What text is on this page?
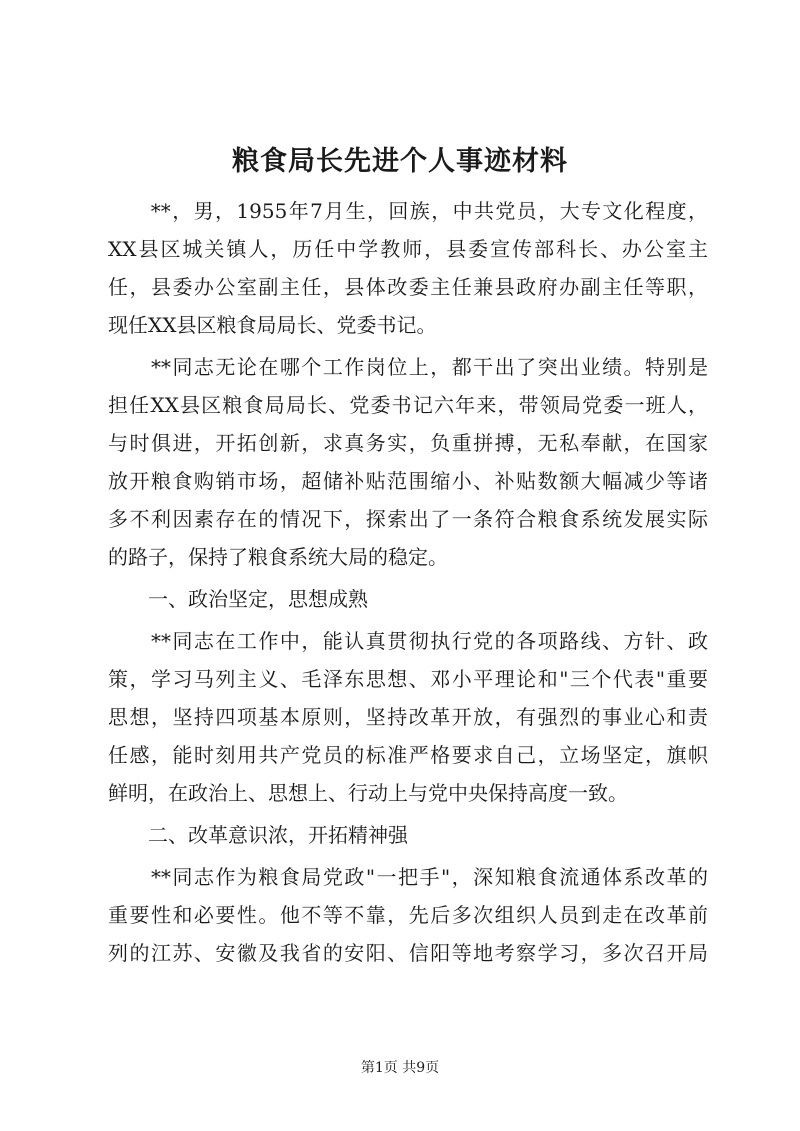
粮食局长先进个人事迹材料

　　**，男，1955年7月生，回族，中共党员，大专文化程度，

XX县区城关镇人，历任中学教师，县委宣传部科长、办公室主

任，县委办公室副主任，县体改委主任兼县政府办副主任等职，

现任XX县区粮食局局长、党委书记。

　　**同志无论在哪个工作岗位上，都干出了突出业绩。特别是

担任XX县区粮食局局长、党委书记六年来，带领局党委一班人，

与时俱进，开拓创新，求真务实，负重拼搏，无私奉献，在国家

放开粮食购销市场，超储补贴范围缩小、补贴数额大幅减少等诸

多不利因素存在的情况下，探索出了一条符合粮食系统发展实际

的路子，保持了粮食系统大局的稳定。

　　一、政治坚定，思想成熟

　　**同志在工作中，能认真贯彻执行党的各项路线、方针、政

策，学习马列主义、毛泽东思想、邓小平理论和"三个代表"重要

思想，坚持四项基本原则，坚持改革开放，有强烈的事业心和责

任感，能时刻用共产党员的标准严格要求自己，立场坚定，旗帜

鲜明，在政治上、思想上、行动上与党中央保持高度一致。

　　二、改革意识浓，开拓精神强

　　**同志作为粮食局党政"一把手"，深知粮食流通体系改革的

重要性和必要性。他不等不靠，先后多次组织人员到走在改革前

列的江苏、安徽及我省的安阳、信阳等地考察学习，多次召开局

第1页 共9页
